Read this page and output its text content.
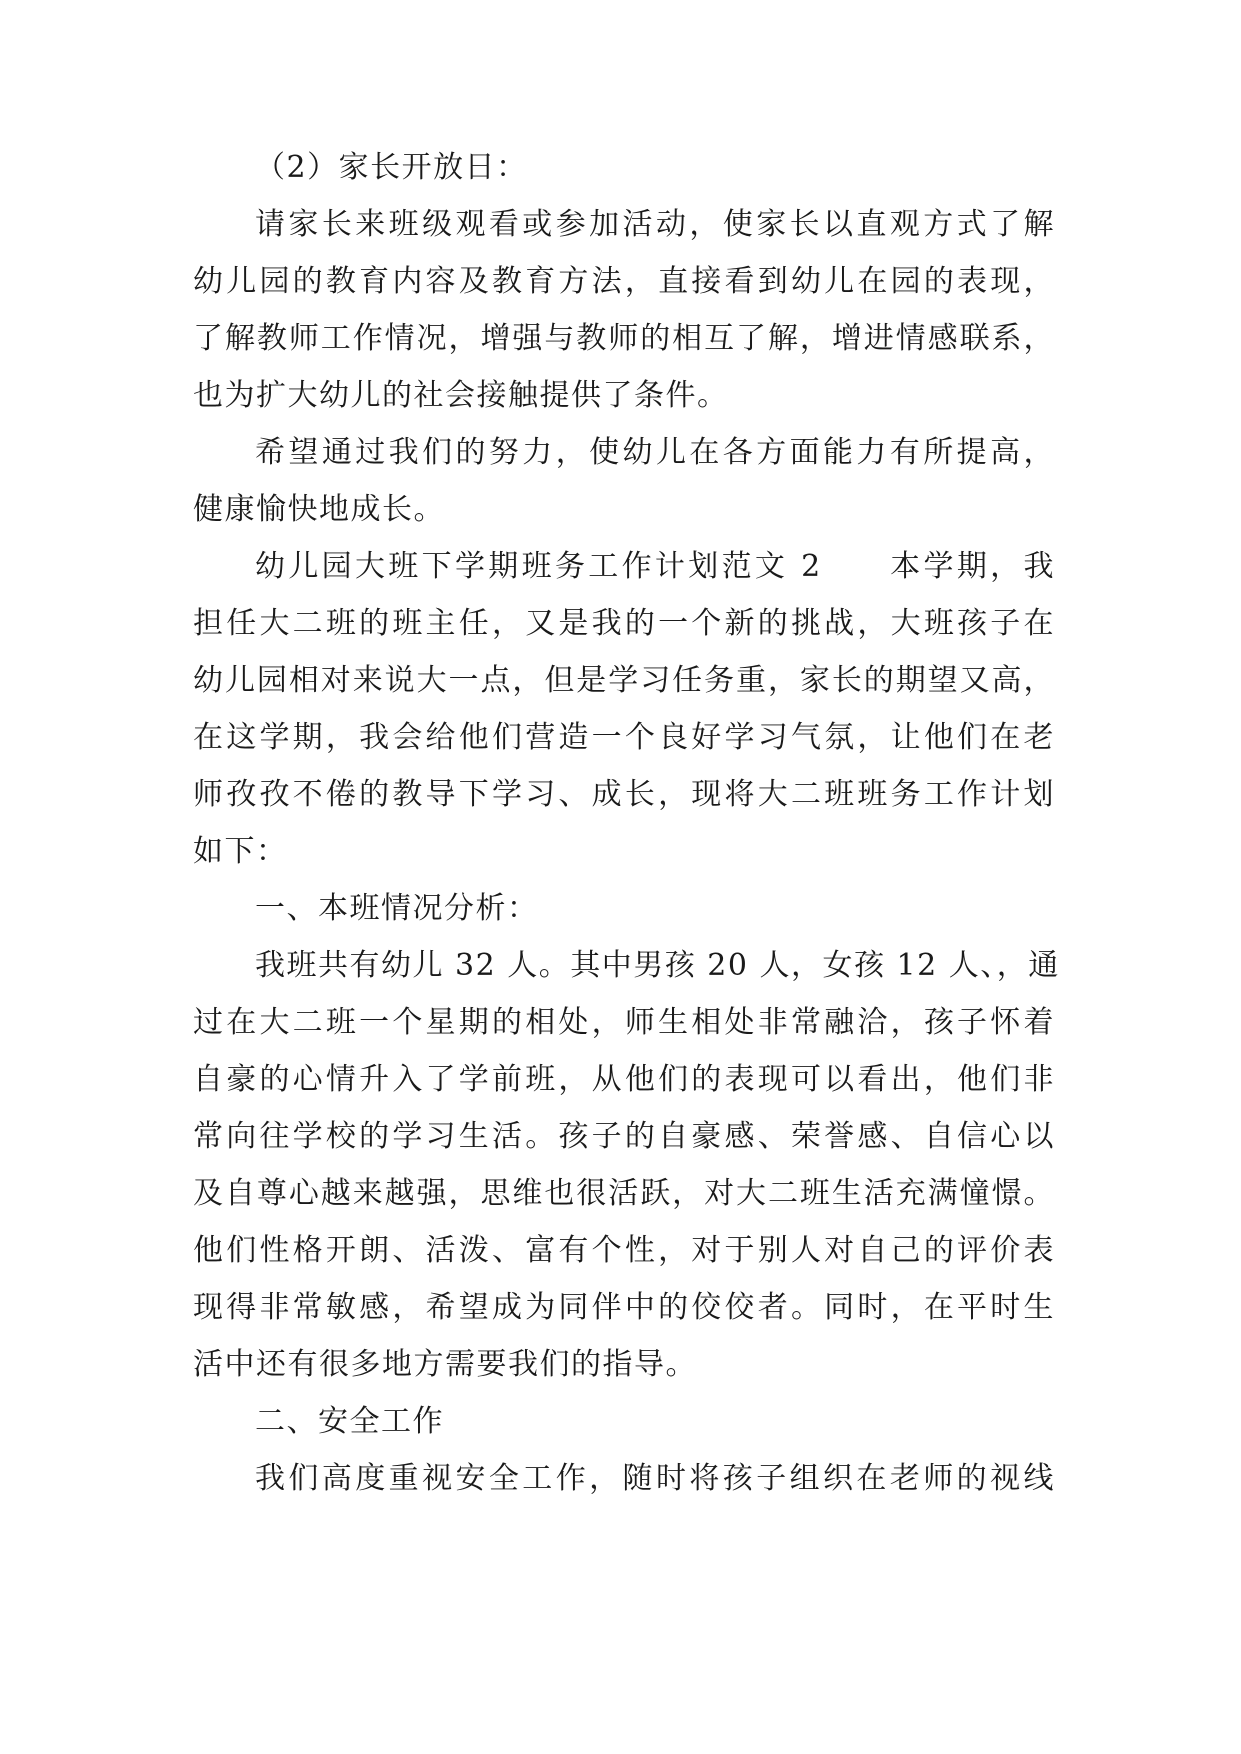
（2）家长开放日：
请家长来班级观看或参加活动，使家长以直观方式了解
幼儿园的教育内容及教育方法，直接看到幼儿在园的表现，
了解教师工作情况，增强与教师的相互了解，增进情感联系，
也为扩大幼儿的社会接触提供了条件。
希望通过我们的努力，使幼儿在各方面能力有所提高，
健康愉快地成长。
幼儿园大班下学期班务工作计划范文 2　　本学期，我
担任大二班的班主任，又是我的一个新的挑战，大班孩子在
幼儿园相对来说大一点，但是学习任务重，家长的期望又高，
在这学期，我会给他们营造一个良好学习气氛，让他们在老
师孜孜不倦的教导下学习、成长，现将大二班班务工作计划
如下：
一、本班情况分析：
我班共有幼儿 32 人。其中男孩 20 人，女孩 12 人、，通
过在大二班一个星期的相处，师生相处非常融洽，孩子怀着
自豪的心情升入了学前班，从他们的表现可以看出，他们非
常向往学校的学习生活。孩子的自豪感、荣誉感、自信心以
及自尊心越来越强，思维也很活跃，对大二班生活充满憧憬。
他们性格开朗、活泼、富有个性，对于别人对自己的评价表
现得非常敏感，希望成为同伴中的佼佼者。同时，在平时生
活中还有很多地方需要我们的指导。
二、安全工作
我们高度重视安全工作，随时将孩子组织在老师的视线
